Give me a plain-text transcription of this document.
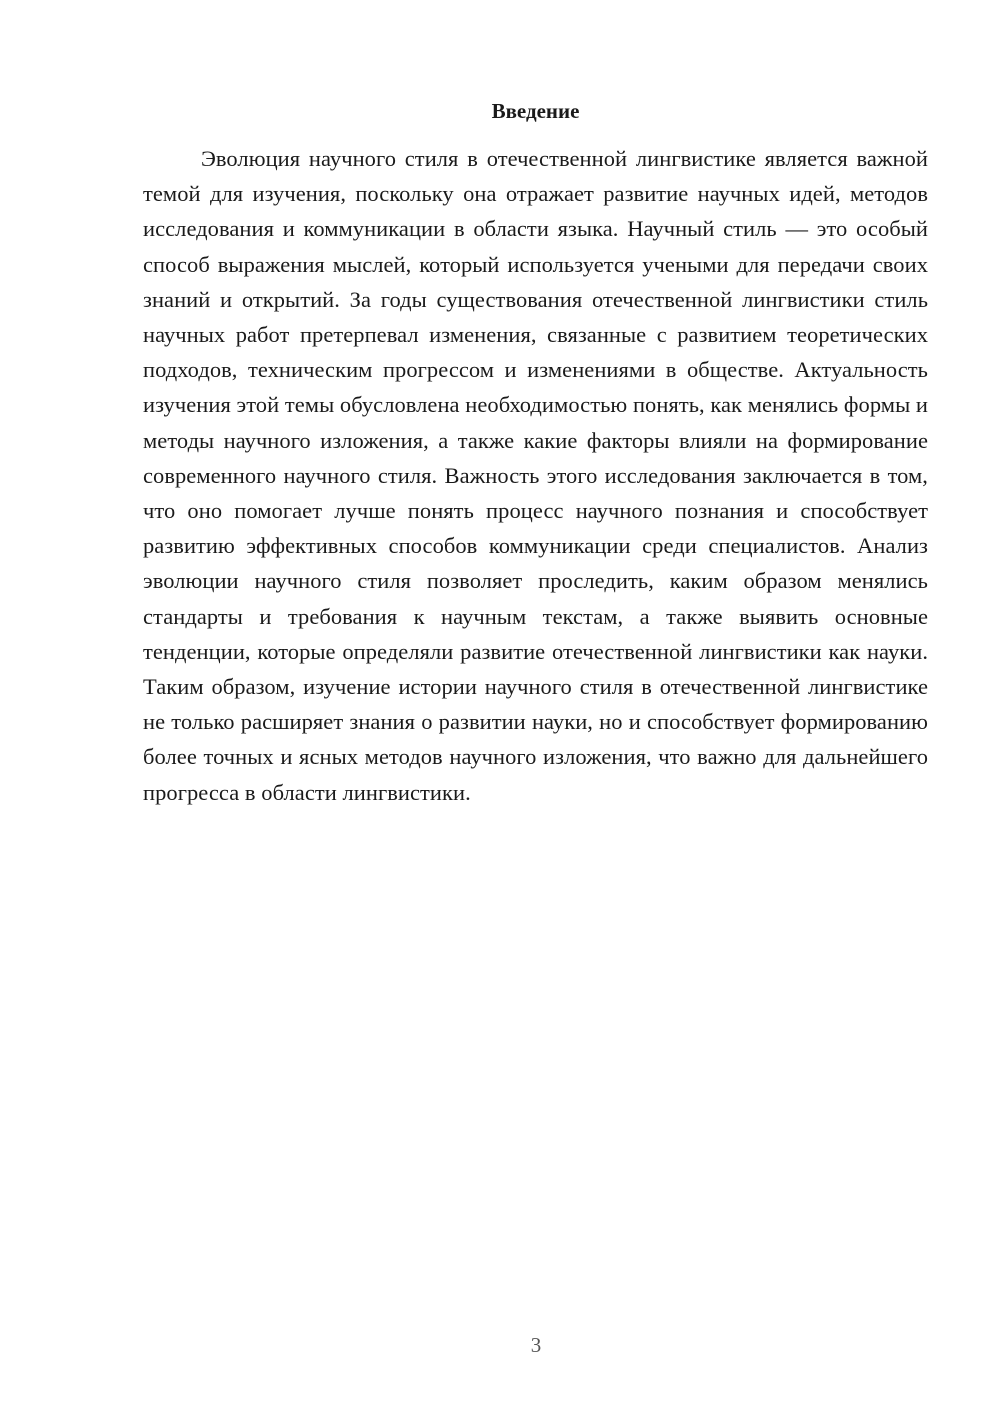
Введение

Эволюция научного стиля в отечественной лингвистике является важной темой для изучения, поскольку она отражает развитие научных идей, методов исследования и коммуникации в области языка. Научный стиль — это особый способ выражения мыслей, который используется учеными для передачи своих знаний и открытий. За годы существования отечественной лингвистики стиль научных работ претерпевал изменения, связанные с развитием теоретических подходов, техническим прогрессом и изменениями в обществе. Актуальность изучения этой темы обусловлена необходимостью понять, как менялись формы и методы научного изложения, а также какие факторы влияли на формирование современного научного стиля. Важность этого исследования заключается в том, что оно помогает лучше понять процесс научного познания и способствует развитию эффективных способов коммуникации среди специалистов. Анализ эволюции научного стиля позволяет проследить, каким образом менялись стандарты и требования к научным текстам, а также выявить основные тенденции, которые определяли развитие отечественной лингвистики как науки. Таким образом, изучение истории научного стиля в отечественной лингвистике не только расширяет знания о развитии науки, но и способствует формированию более точных и ясных методов научного изложения, что важно для дальнейшего прогресса в области лингвистики.

3
